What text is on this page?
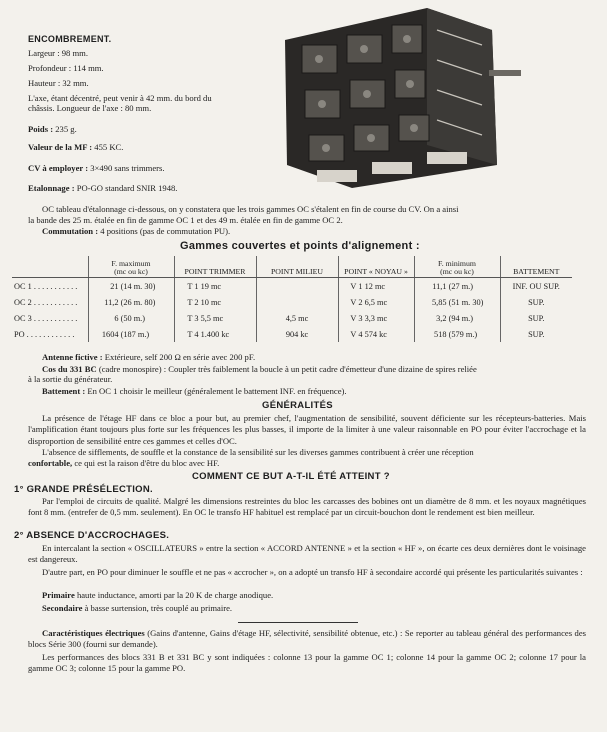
ENCOMBREMENT.
Largeur : 98 mm.
Profondeur : 114 mm.
Hauteur : 32 mm.
L'axe, étant décentré, peut venir à 42 mm. du bord du
châssis. Longueur de l'axe : 80 mm.
Poids : 235 g.
Valeur de la MF : 455 KC.
CV à employer : 3×490 sans trimmers.
Etalonnage : PO-GO standard SNIR 1948.
OC tableau d'étalonnage ci-dessous, on y constatera que les trois gammes OC s'étalent en fin de course du CV. On a ainsi
la bande des 25 m. étalée en fin de gamme OC 1 et des 49 m. étalée en fin de gamme OC 2.
Commutation : 4 positions (pas de commutation PU).
Gammes couvertes et points d'alignement :
	F. maximum
(mc ou kc)	POINT TRIMMER	POINT MILIEU	POINT « NOYAU »	F. minimum
(mc ou kc)	BATTEMENT
OC 1 . . . . . . . . . . .	21 (14 m. 30)	T 1 19 mc		V 1 12 mc	11,1 (27 m.)	INF. OU SUP.
OC 2 . . . . . . . . . . .	11,2 (26 m. 80)	T 2 10 mc		V 2 6,5 mc	5,85 (51 m. 30)	SUP.
OC 3 . . . . . . . . . . .	6 (50 m.)	T 3 5,5 mc	4,5 mc	V 3 3,3 mc	3,2 (94 m.)	SUP.
PO . . . . . . . . . . . .	1604 (187 m.)	T 4 1.400 kc	904 kc	V 4 574 kc	518 (579 m.)	SUP.
Antenne fictive : Extérieure, self 200 Ω en série avec 200 pF.
Cos du 331 BC (cadre monospire) : Coupler très faiblement la boucle à un petit cadre d'émetteur d'une dizaine de spires reliée
à la sortie du générateur.
Battement : En OC 1 choisir le meilleur (généralement le battement INF. en fréquence).
GÉNÉRALITÉS
La présence de l'étage HF dans ce bloc a pour but, au premier chef, l'augmentation de sensibilité, souvent déficiente sur les récepteurs-batteries. Mais l'amplification étant toujours plus forte sur les fréquences les plus basses, il importe de la limiter à une valeur raisonnable en PO pour éviter l'accrochage et la disproportion de sensibilité entre ces gammes et celles d'OC.
L'absence de sifflements, de souffle et la constance de la sensibilité sur les diverses gammes contribuent à créer une réception
confortable, ce qui est la raison d'être du bloc avec HF.
COMMENT CE BUT A-T-IL ÉTÉ ATTEINT ?
1° GRANDE PRÉSÉLECTION.
Par l'emploi de circuits de qualité. Malgré les dimensions restreintes du bloc les carcasses des bobines ont un diamètre de 8 mm. et les noyaux magnétiques font 8 mm. (entrefer de 0,5 mm. seulement). En OC le transfo HF habituel est remplacé par un circuit-bouchon dont le rendement est bien meilleur.
2° ABSENCE D'ACCROCHAGES.
En intercalant la section « OSCILLATEURS » entre la section « ACCORD ANTENNE » et la section « HF », on écarte ces deux dernières dont le voisinage est dangereux.
D'autre part, en PO pour diminuer le souffle et ne pas « accrocher », on a adopté un transfo HF à secondaire accordé qui présente les particularités suivantes :
Primaire haute inductance, amorti par la 20 K de charge anodique.
Secondaire à basse surtension, très couplé au primaire.
Caractéristiques électriques (Gains d'antenne, Gains d'étage HF, sélectivité, sensibilité obtenue, etc.) : Se reporter au tableau général des performances des blocs Série 300 (fourni sur demande).
Les performances des blocs 331 B et 331 BC y sont indiquées : colonne 13 pour la gamme OC 1; colonne 14 pour la gamme OC 2; colonne 17 pour la gamme OC 3; colonne 15 pour la gamme PO.
